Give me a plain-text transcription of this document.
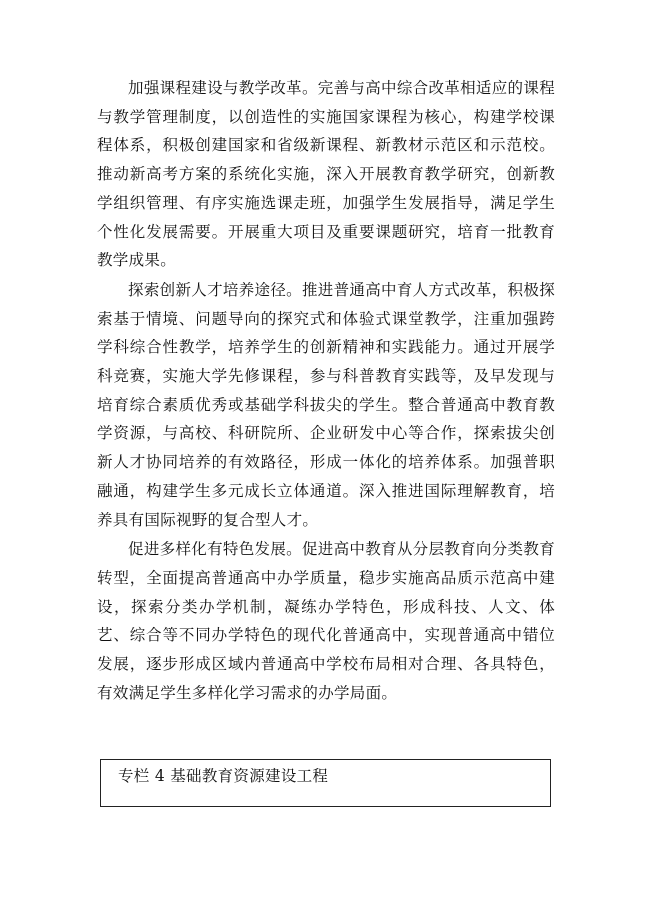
加强课程建设与教学改革。完善与高中综合改革相适应的课程与教学管理制度，以创造性的实施国家课程为核心，构建学校课程体系，积极创建国家和省级新课程、新教材示范区和示范校。推动新高考方案的系统化实施，深入开展教育教学研究，创新教学组织管理、有序实施选课走班，加强学生发展指导，满足学生个性化发展需要。开展重大项目及重要课题研究，培育一批教育教学成果。

探索创新人才培养途径。推进普通高中育人方式改革，积极探索基于情境、问题导向的探究式和体验式课堂教学，注重加强跨学科综合性教学，培养学生的创新精神和实践能力。通过开展学科竞赛，实施大学先修课程，参与科普教育实践等，及早发现与培育综合素质优秀或基础学科拔尖的学生。整合普通高中教育教学资源，与高校、科研院所、企业研发中心等合作，探索拔尖创新人才协同培养的有效路径，形成一体化的培养体系。加强普职融通，构建学生多元成长立体通道。深入推进国际理解教育，培养具有国际视野的复合型人才。

促进多样化有特色发展。促进高中教育从分层教育向分类教育转型，全面提高普通高中办学质量，稳步实施高品质示范高中建设，探索分类办学机制，凝练办学特色，形成科技、人文、体艺、综合等不同办学特色的现代化普通高中，实现普通高中错位发展，逐步形成区域内普通高中学校布局相对合理、各具特色，有效满足学生多样化学习需求的办学局面。

专栏 4 基础教育资源建设工程
